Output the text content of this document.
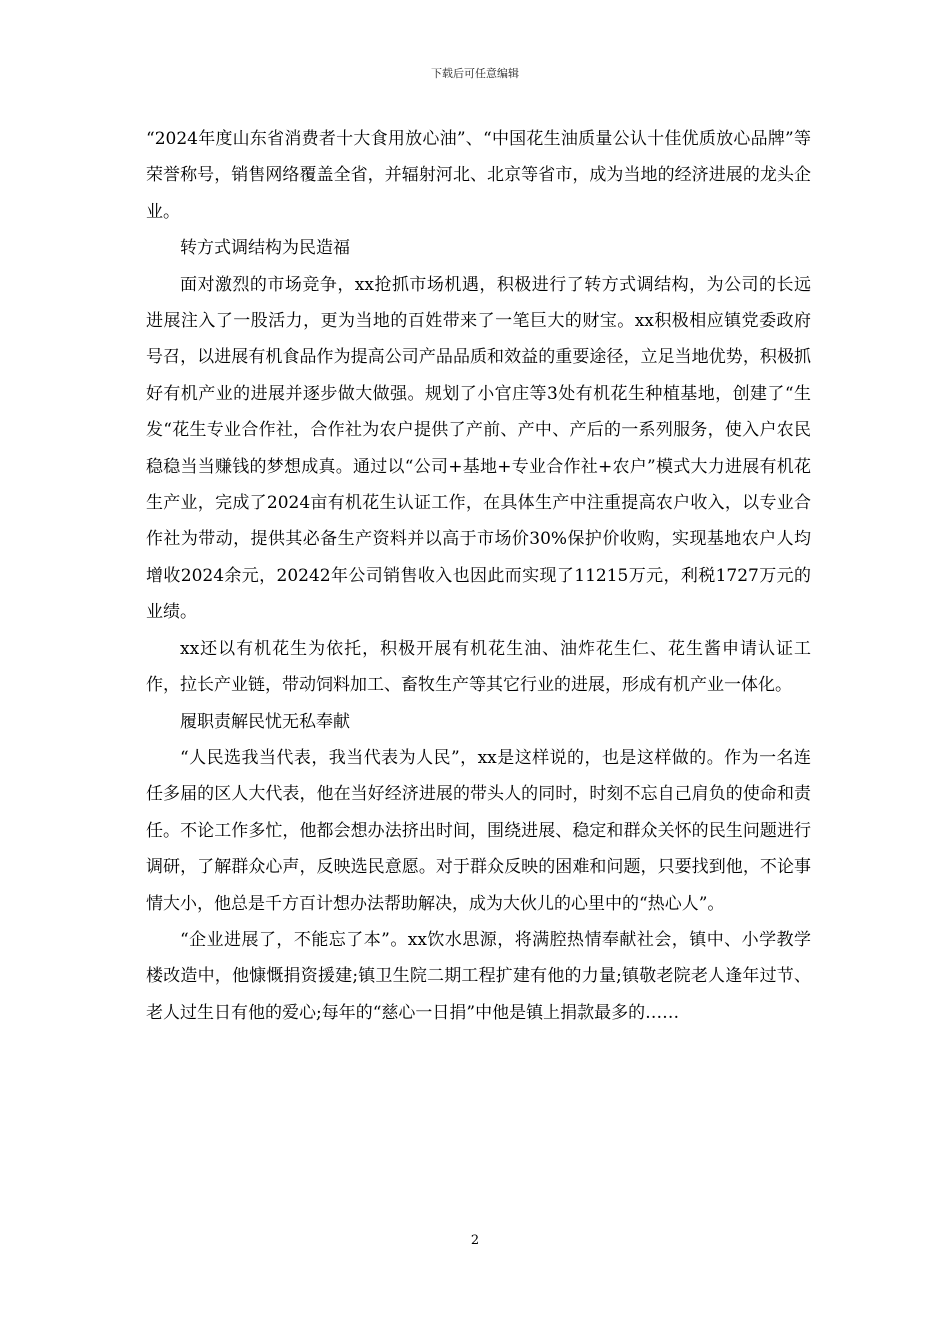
下载后可任意编辑

“2024年度山东省消费者十大食用放心油”、“中国花生油质量公认十佳优质放心品牌”等荣誉称号，销售网络覆盖全省，并辐射河北、北京等省市，成为当地的经济进展的龙头企业。

转方式调结构为民造福

面对激烈的市场竞争，xx抢抓市场机遇，积极进行了转方式调结构，为公司的长远进展注入了一股活力，更为当地的百姓带来了一笔巨大的财宝。xx积极相应镇党委政府号召，以进展有机食品作为提高公司产品品质和效益的重要途径，立足当地优势，积极抓好有机产业的进展并逐步做大做强。规划了小官庄等3处有机花生种植基地，创建了“生发“花生专业合作社，合作社为农户提供了产前、产中、产后的一系列服务，使入户农民稳稳当当赚钱的梦想成真。通过以“公司+基地+专业合作社+农户”模式大力进展有机花生产业，完成了2024亩有机花生认证工作，在具体生产中注重提高农户收入，以专业合作社为带动，提供其必备生产资料并以高于市场价30%保护价收购，实现基地农户人均增收2024余元，20242年公司销售收入也因此而实现了11215万元，利税1727万元的业绩。

xx还以有机花生为依托，积极开展有机花生油、油炸花生仁、花生酱申请认证工作，拉长产业链，带动饲料加工、畜牧生产等其它行业的进展，形成有机产业一体化。

履职责解民忧无私奉献

“人民选我当代表，我当代表为人民”，xx是这样说的，也是这样做的。作为一名连任多届的区人大代表，他在当好经济进展的带头人的同时，时刻不忘自己肩负的使命和责任。不论工作多忙，他都会想办法挤出时间，围绕进展、稳定和群众关怀的民生问题进行调研，了解群众心声，反映选民意愿。对于群众反映的困难和问题，只要找到他，不论事情大小，他总是千方百计想办法帮助解决，成为大伙儿的心里中的“热心人”。

“企业进展了，不能忘了本”。xx饮水思源，将满腔热情奉献社会，镇中、小学教学楼改造中，他慷慨捐资援建;镇卫生院二期工程扩建有他的力量;镇敬老院老人逢年过节、老人过生日有他的爱心;每年的“慈心一日捐”中他是镇上捐款最多的……

2
